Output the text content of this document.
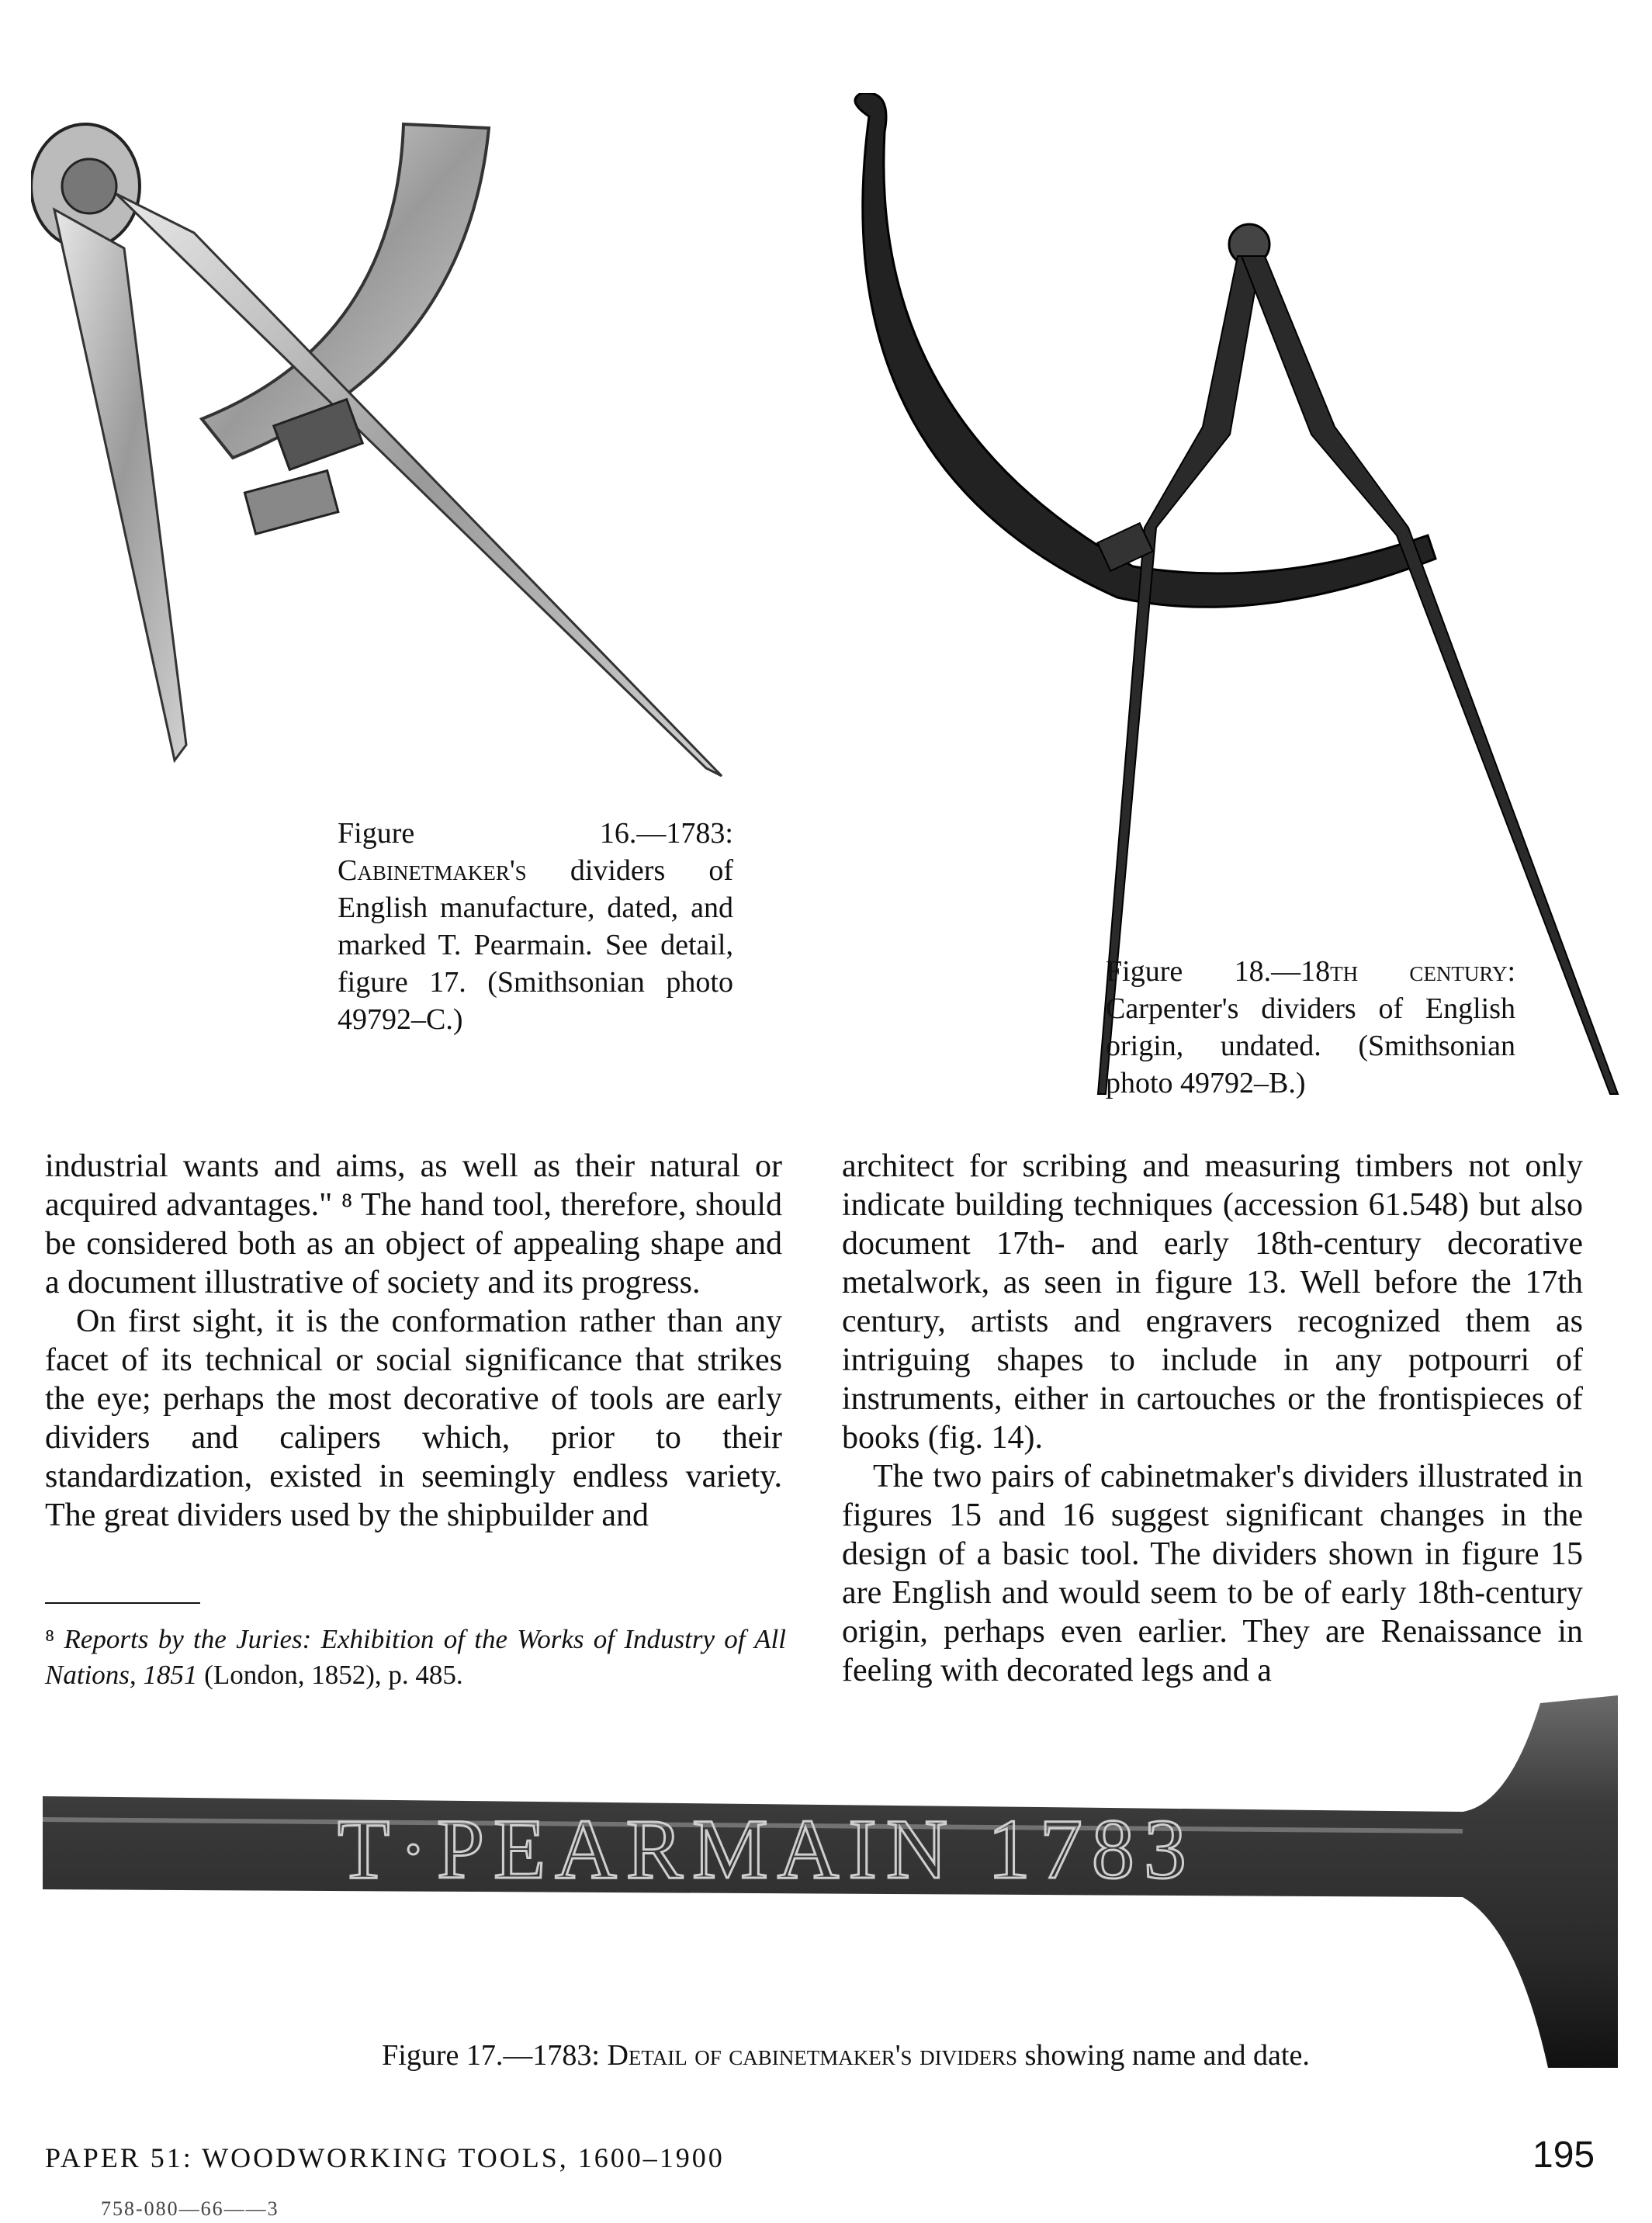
Figure 16.—1783: Cabinetmaker's dividers of English manufacture, dated, and marked T. Pearmain. See detail, figure 17. (Smithsonian photo 49792–C.)
Figure 18.—18th century: Carpenter's dividers of English origin, undated. (Smithsonian photo 49792–B.)

industrial wants and aims, as well as their natural or acquired advantages." ⁸ The hand tool, therefore, should be considered both as an object of appealing shape and a document illustrative of society and its progress.

On first sight, it is the conformation rather than any facet of its technical or social significance that strikes the eye; perhaps the most decorative of tools are early dividers and calipers which, prior to their standardization, existed in seemingly endless variety. The great dividers used by the shipbuilder and

architect for scribing and measuring timbers not only indicate building techniques (accession 61.548) but also document 17th- and early 18th-century decorative metalwork, as seen in figure 13. Well before the 17th century, artists and engravers recognized them as intriguing shapes to include in any potpourri of instruments, either in cartouches or the frontispieces of books (fig. 14).

The two pairs of cabinetmaker's dividers illustrated in figures 15 and 16 suggest significant changes in the design of a basic tool. The dividers shown in figure 15 are English and would seem to be of early 18th-century origin, perhaps even earlier. They are Renaissance in feeling with decorated legs and a

⁸ Reports by the Juries: Exhibition of the Works of Industry of All Nations, 1851 (London, 1852), p. 485.
T·PEARMAIN 1783
Figure 17.—1783: Detail of cabinetmaker's dividers showing name and date.
PAPER 51: WOODWORKING TOOLS, 1600–1900	195
758-080—66——3
